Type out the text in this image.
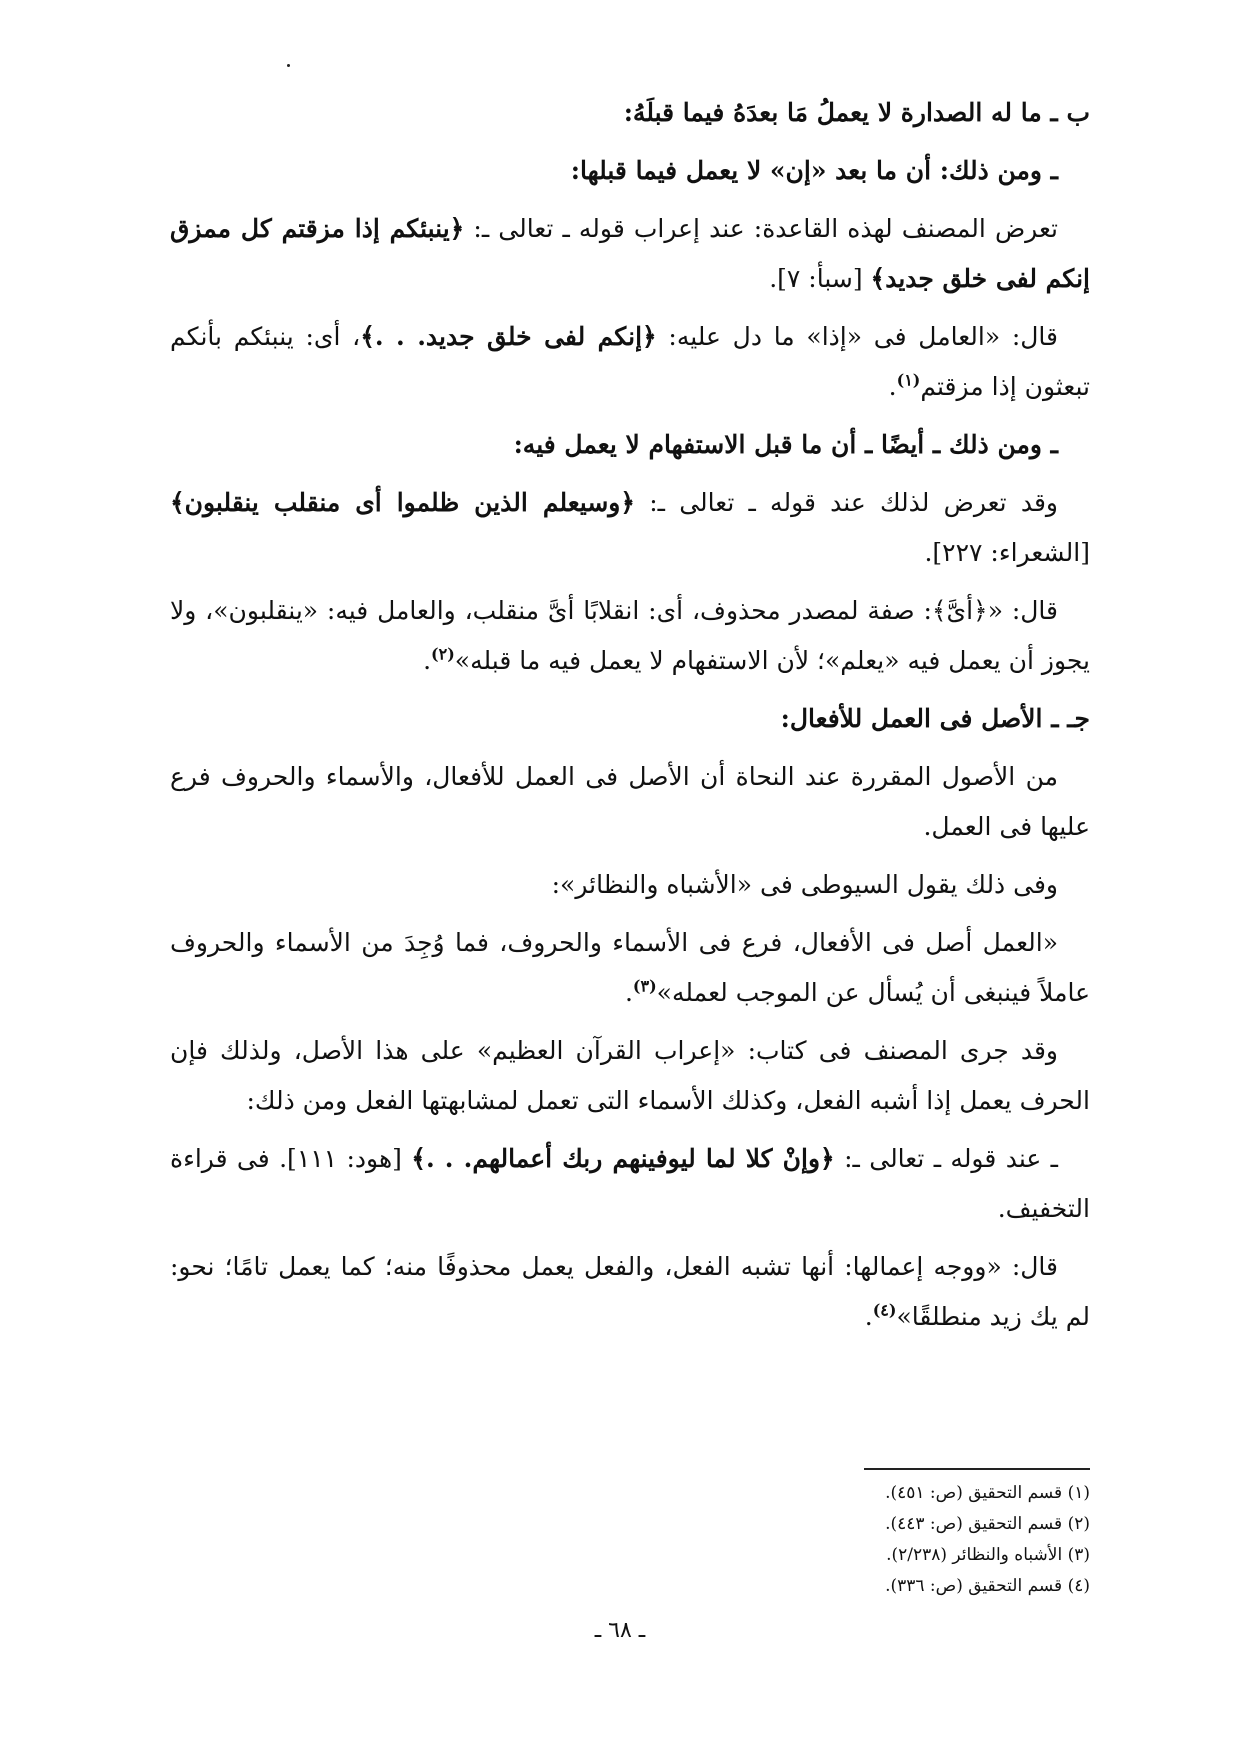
ب ـ ما له الصدارة لا يعملُ مَا بعدَهُ فيما قبلَهُ:

ـ ومن ذلك: أن ما بعد «إن» لا يعمل فيما قبلها:

تعرض المصنف لهذه القاعدة: عند إعراب قوله ـ تعالى ـ: ﴿ينبئكم إذا مزقتم كل ممزق إنكم لفى خلق جديد﴾ [سبأ: ٧].

قال: «العامل فى «إذا» ما دل عليه: ﴿إنكم لفى خلق جديد. . .﴾، أى: ينبئكم بأنكم تبعثون إذا مزقتم$^{(١)}$.

ـ ومن ذلك ـ أيضًا ـ أن ما قبل الاستفهام لا يعمل فيه:

وقد تعرض لذلك عند قوله ـ تعالى ـ: ﴿وسيعلم الذين ظلموا أى منقلب ينقلبون﴾ [الشعراء: ٢٢٧].

قال: «﴿أىَّ﴾: صفة لمصدر محذوف، أى: انقلابًا أىَّ منقلب، والعامل فيه: «ينقلبون»، ولا يجوز أن يعمل فيه «يعلم»؛ لأن الاستفهام لا يعمل فيه ما قبله»$^{(٢)}$.

جـ ـ الأصل فى العمل للأفعال:

من الأصول المقررة عند النحاة أن الأصل فى العمل للأفعال، والأسماء والحروف فرع عليها فى العمل.

وفى ذلك يقول السيوطى فى «الأشباه والنظائر»:

«العمل أصل فى الأفعال، فرع فى الأسماء والحروف، فما وُجِدَ من الأسماء والحروف عاملاً فينبغى أن يُسأل عن الموجب لعمله»$^{(٣)}$.

وقد جرى المصنف فى كتاب: «إعراب القرآن العظيم» على هذا الأصل، ولذلك فإن الحرف يعمل إذا أشبه الفعل، وكذلك الأسماء التى تعمل لمشابهتها الفعل ومن ذلك:

ـ عند قوله ـ تعالى ـ: ﴿وإنْ كلا لما ليوفينهم ربك أعمالهم. . .﴾ [هود: ١١١]. فى قراءة التخفيف.

قال: «ووجه إعمالها: أنها تشبه الفعل، والفعل يعمل محذوفًا منه؛ كما يعمل تامًا؛ نحو: لم يك زيد منطلقًا»$^{(٤)}$.

(١) قسم التحقيق (ص: ٤٥١).
(٢) قسم التحقيق (ص: ٤٤٣).
(٣) الأشباه والنظائر (٢/٢٣٨).
(٤) قسم التحقيق (ص: ٣٣٦).
ـ ٦٨ ـ
